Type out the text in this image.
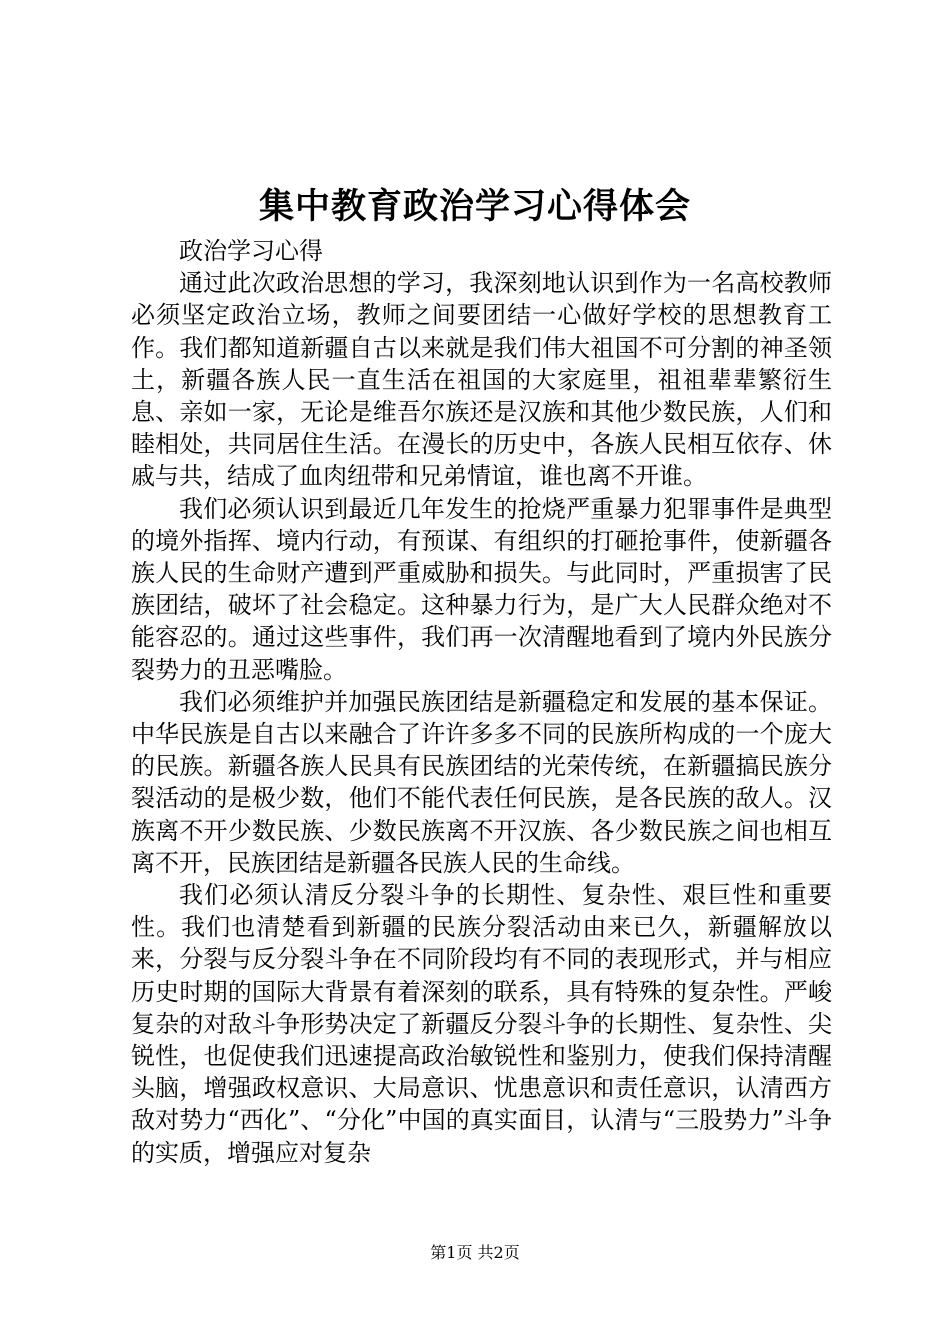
集中教育政治学习心得体会

政治学习心得

通过此次政治思想的学习，我深刻地认识到作为一名高校教师必须坚定政治立场，教师之间要团结一心做好学校的思想教育工作。我们都知道新疆自古以来就是我们伟大祖国不可分割的神圣领土，新疆各族人民一直生活在祖国的大家庭里，祖祖辈辈繁衍生息、亲如一家，无论是维吾尔族还是汉族和其他少数民族，人们和睦相处，共同居住生活。在漫长的历史中，各族人民相互依存、休戚与共，结成了血肉纽带和兄弟情谊，谁也离不开谁。

我们必须认识到最近几年发生的抢烧严重暴力犯罪事件是典型的境外指挥、境内行动，有预谋、有组织的打砸抢事件，使新疆各族人民的生命财产遭到严重威胁和损失。与此同时，严重损害了民族团结，破坏了社会稳定。这种暴力行为，是广大人民群众绝对不能容忍的。通过这些事件，我们再一次清醒地看到了境内外民族分裂势力的丑恶嘴脸。

我们必须维护并加强民族团结是新疆稳定和发展的基本保证。中华民族是自古以来融合了许许多多不同的民族所构成的一个庞大的民族。新疆各族人民具有民族团结的光荣传统，在新疆搞民族分裂活动的是极少数，他们不能代表任何民族，是各民族的敌人。汉族离不开少数民族、少数民族离不开汉族、各少数民族之间也相互离不开，民族团结是新疆各民族人民的生命线。

我们必须认清反分裂斗争的长期性、复杂性、艰巨性和重要性。我们也清楚看到新疆的民族分裂活动由来已久，新疆解放以来，分裂与反分裂斗争在不同阶段均有不同的表现形式，并与相应历史时期的国际大背景有着深刻的联系，具有特殊的复杂性。严峻复杂的对敌斗争形势决定了新疆反分裂斗争的长期性、复杂性、尖锐性，也促使我们迅速提高政治敏锐性和鉴别力，使我们保持清醒头脑，增强政权意识、大局意识、忧患意识和责任意识，认清西方敌对势力“西化”、“分化”中国的真实面目，认清与“三股势力”斗争的实质，增强应对复杂

第1页 共2页
